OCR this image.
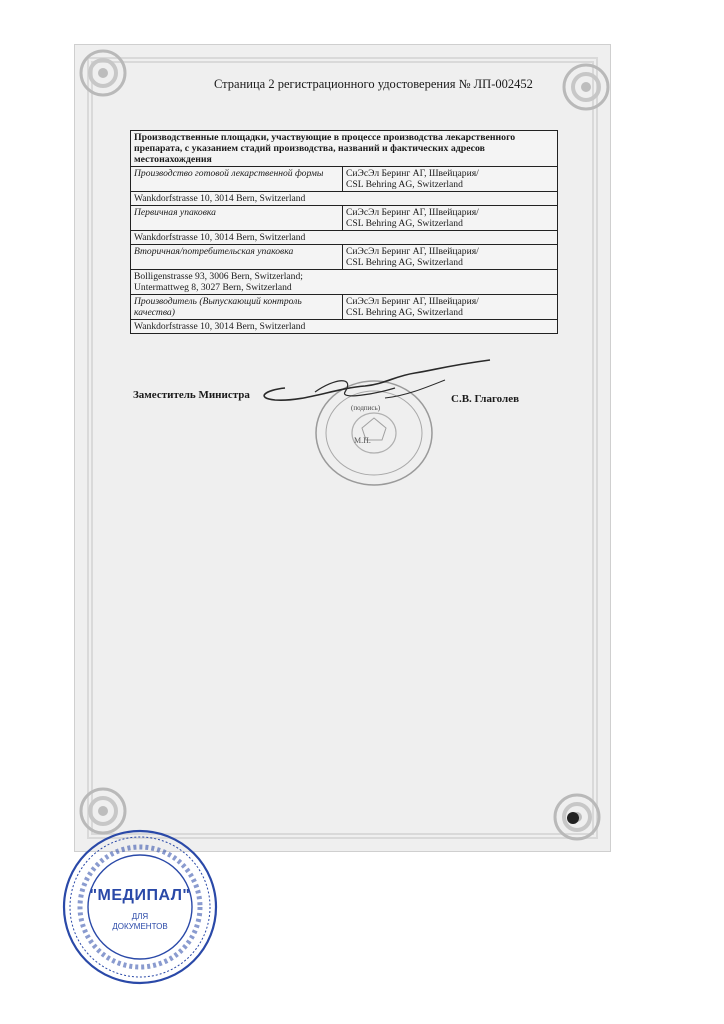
Страница 2 регистрационного удостоверения № ЛП-002452
Производственные площадки, участвующие в процессе производства лекарственного препарата, с указанием стадий производства, названий и фактических адресов местонахождения	
Производство готовой лекарственной формы	СиЭсЭл Беринг АГ, Швейцария/
CSL Behring AG, Switzerland

Wankdorfstrasse 10, 3014 Bern, Switzerland	

Первичная упаковка	СиЭсЭл Беринг АГ, Швейцария/
CSL Behring AG, Switzerland

Wankdorfstrasse 10, 3014 Bern, Switzerland	

Вторичная/потребительская упаковка	СиЭсЭл Беринг АГ, Швейцария/
CSL Behring AG, Switzerland

Bolligenstrasse 93, 3006 Bern, Switzerland;
Untermattweg 8, 3027 Bern, Switzerland	

Производитель (Выпускающий контроль качества)	СиЭсЭл Беринг АГ, Швейцария/
CSL Behring AG, Switzerland

Wankdorfstrasse 10, 3014 Bern, Switzerland	
Заместитель Министра
(подпись)
М.П.
С.В. Глаголев
"МЕДИПАЛ"
ДЛЯ
ДОКУМЕНТОВ
